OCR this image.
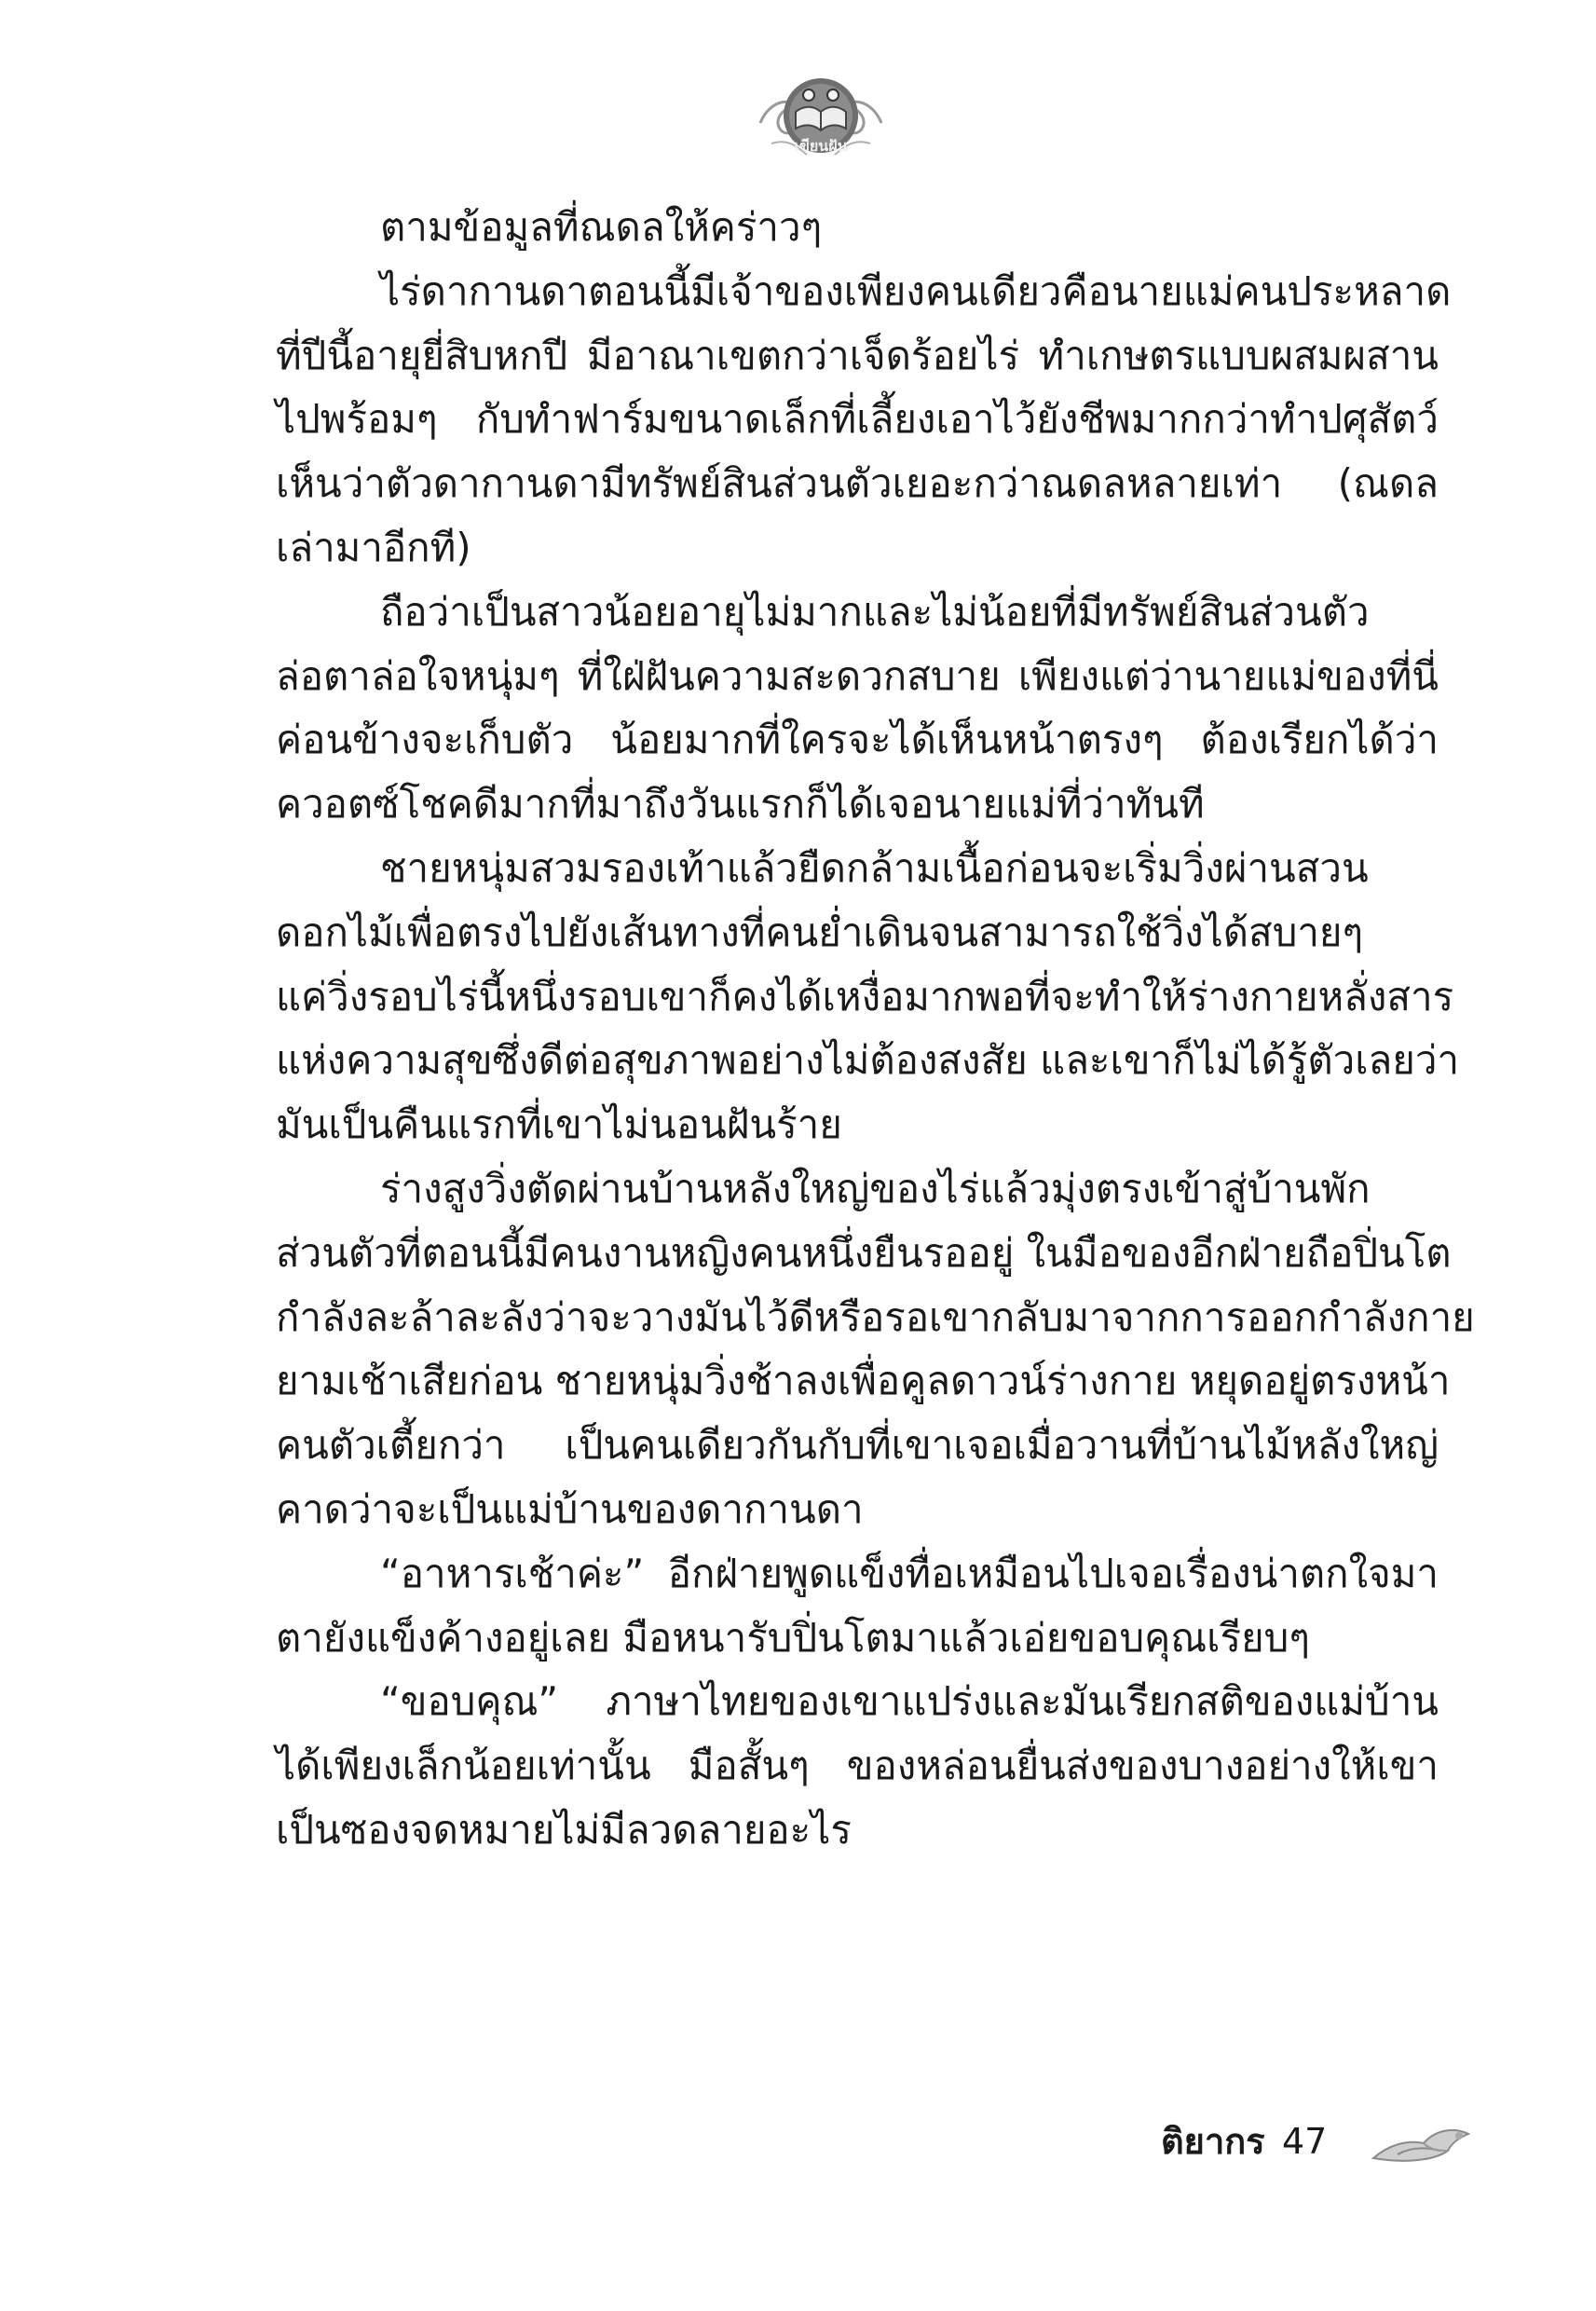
เขียนฝัน
ตามข้อมูลที่ณดลให้คร่าวๆ
ไร่ดากานดาตอนนี้มีเจ้าของเพียงคนเดียวคือนายแม่คนประหลาด
ที่ปีนี้อายุยี่สิบหกปี มีอาณาเขตกว่าเจ็ดร้อยไร่ ทำเกษตรแบบผสมผสาน
ไปพร้อมๆ กับทำฟาร์มขนาดเล็กที่เลี้ยงเอาไว้ยังชีพมากกว่าทำปศุสัตว์
เห็นว่าตัวดากานดามีทรัพย์สินส่วนตัวเยอะกว่าณดลหลายเท่า (ณดล
เล่ามาอีกที)
ถือว่าเป็นสาวน้อยอายุไม่มากและไม่น้อยที่มีทรัพย์สินส่วนตัว
ล่อตาล่อใจหนุ่มๆ ที่ใฝ่ฝันความสะดวกสบาย เพียงแต่ว่านายแม่ของที่นี่
ค่อนข้างจะเก็บตัว น้อยมากที่ใครจะได้เห็นหน้าตรงๆ ต้องเรียกได้ว่า
ควอตซ์โชคดีมากที่มาถึงวันแรกก็ได้เจอนายแม่ที่ว่าทันที
ชายหนุ่มสวมรองเท้าแล้วยืดกล้ามเนื้อก่อนจะเริ่มวิ่งผ่านสวน
ดอกไม้เพื่อตรงไปยังเส้นทางที่คนย่ำเดินจนสามารถใช้วิ่งได้สบายๆ
แค่วิ่งรอบไร่นี้หนึ่งรอบเขาก็คงได้เหงื่อมากพอที่จะทำให้ร่างกายหลั่งสาร
แห่งความสุขซึ่งดีต่อสุขภาพอย่างไม่ต้องสงสัย และเขาก็ไม่ได้รู้ตัวเลยว่า
มันเป็นคืนแรกที่เขาไม่นอนฝันร้าย
ร่างสูงวิ่งตัดผ่านบ้านหลังใหญ่ของไร่แล้วมุ่งตรงเข้าสู่บ้านพัก
ส่วนตัวที่ตอนนี้มีคนงานหญิงคนหนึ่งยืนรออยู่ ในมือของอีกฝ่ายถือปิ่นโต
กำลังละล้าละลังว่าจะวางมันไว้ดีหรือรอเขากลับมาจากการออกกำลังกาย
ยามเช้าเสียก่อน ชายหนุ่มวิ่งช้าลงเพื่อคูลดาวน์ร่างกาย หยุดอยู่ตรงหน้า
คนตัวเตี้ยกว่า เป็นคนเดียวกันกับที่เขาเจอเมื่อวานที่บ้านไม้หลังใหญ่
คาดว่าจะเป็นแม่บ้านของดากานดา
“อาหารเช้าค่ะ” อีกฝ่ายพูดแข็งทื่อเหมือนไปเจอเรื่องน่าตกใจมา
ตายังแข็งค้างอยู่เลย มือหนารับปิ่นโตมาแล้วเอ่ยขอบคุณเรียบๆ
“ขอบคุณ” ภาษาไทยของเขาแปร่งและมันเรียกสติของแม่บ้าน
ได้เพียงเล็กน้อยเท่านั้น มือสั้นๆ ของหล่อนยื่นส่งของบางอย่างให้เขา
เป็นซองจดหมายไม่มีลวดลายอะไร
ติยากร 47
